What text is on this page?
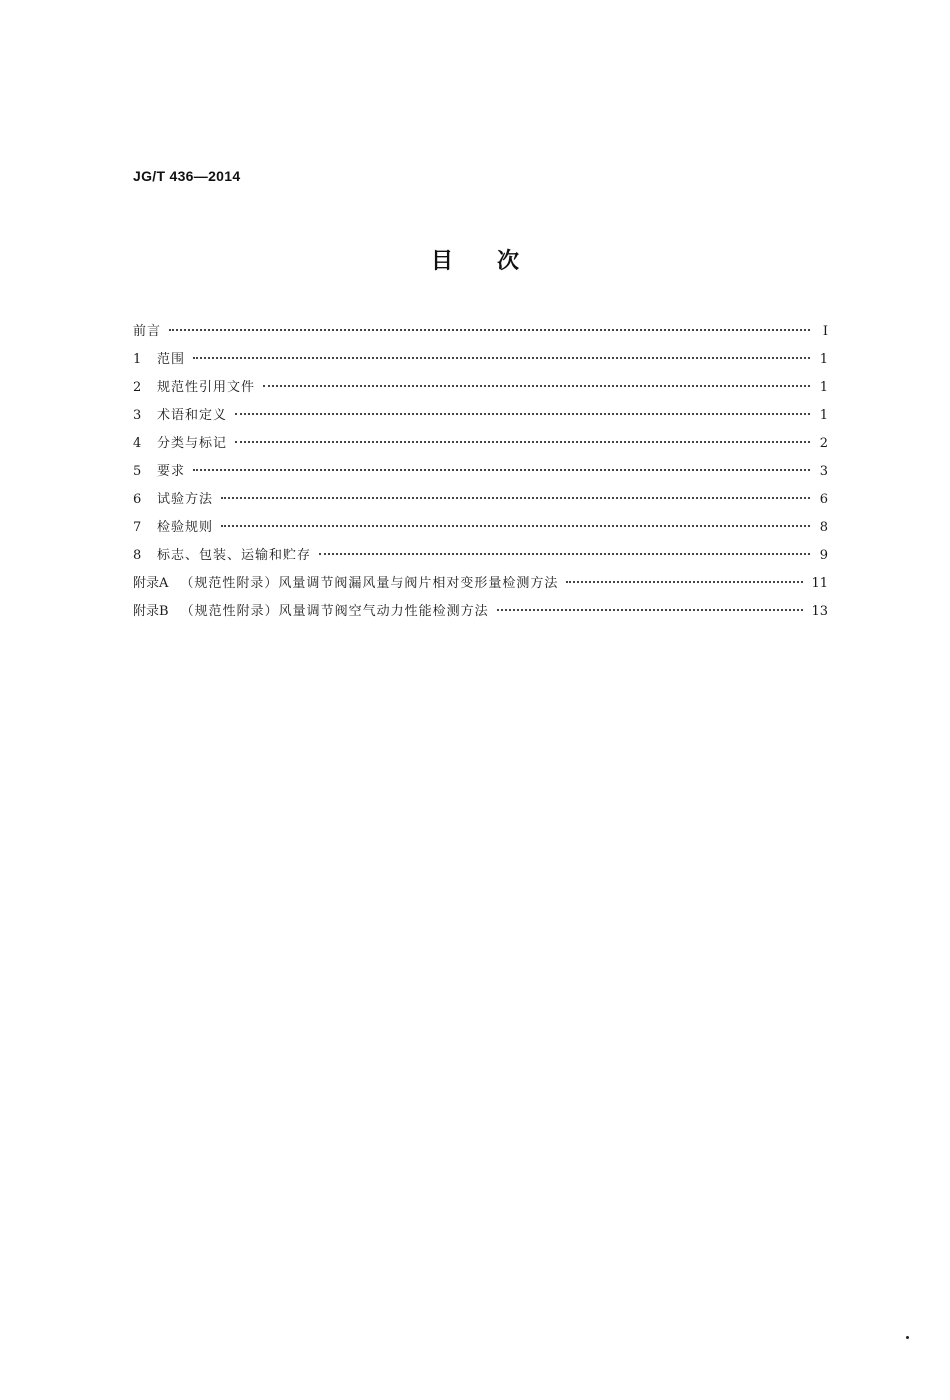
JG/T 436—2014
目次
前言	I
1	范围	1
2	规范性引用文件	1
3	术语和定义	1
4	分类与标记	2
5	要求	3
6	试验方法	6
7	检验规则	8
8	标志、包装、运输和贮存	9
附录A （规范性附录）风量调节阀漏风量与阀片相对变形量检测方法	11
附录B （规范性附录）风量调节阀空气动力性能检测方法	13
